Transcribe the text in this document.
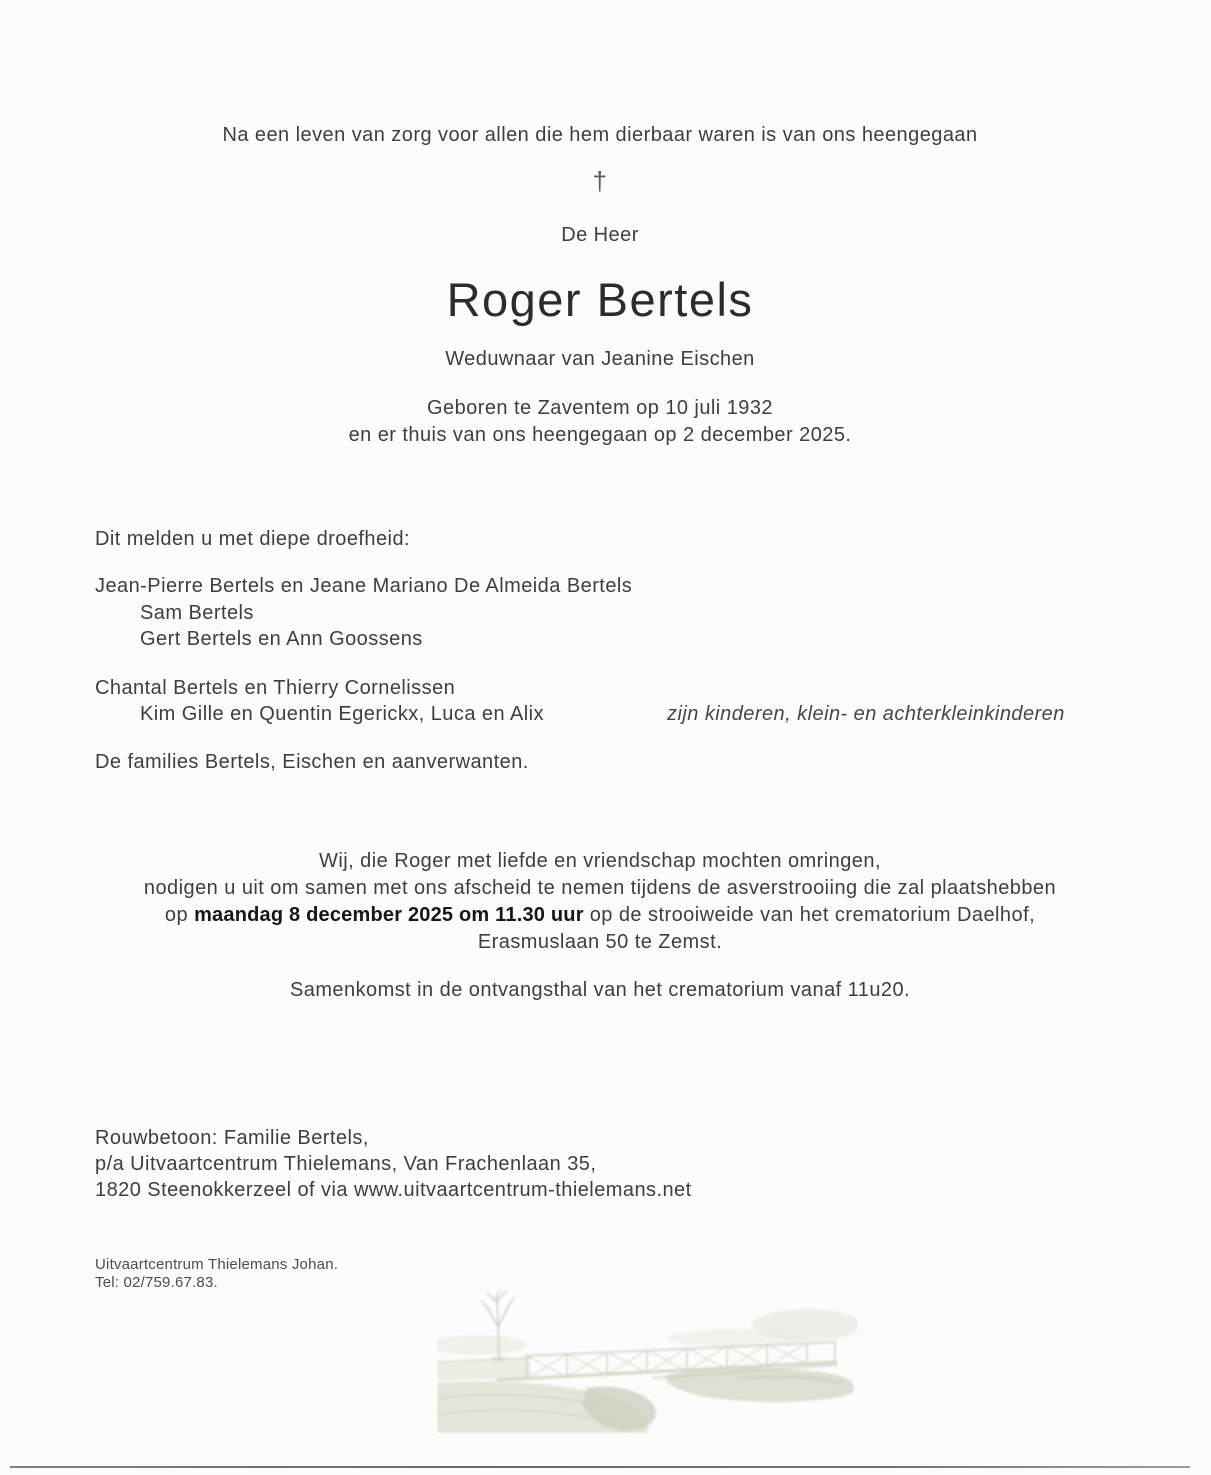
Na een leven van zorg voor allen die hem dierbaar waren is van ons heengegaan
†
De Heer
Roger Bertels
Weduwnaar van Jeanine Eischen
Geboren te Zaventem op 10 juli 1932
en er thuis van ons heengegaan op 2 december 2025.
Dit melden u met diepe droefheid:
Jean-Pierre Bertels en Jeane Mariano De Almeida Bertels
Sam Bertels
Gert Bertels en Ann Goossens
Chantal Bertels en Thierry Cornelissen
Kim Gille en Quentin Egerickx, Luca en Alix	zijn kinderen, klein- en achterkleinkinderen
De families Bertels, Eischen en aanverwanten.
Wij, die Roger met liefde en vriendschap mochten omringen,
nodigen u uit om samen met ons afscheid te nemen tijdens de asverstrooiing die zal plaatshebben
op maandag 8 december 2025 om 11.30 uur op de strooiweide van het crematorium Daelhof,
Erasmuslaan 50 te Zemst.
Samenkomst in de ontvangsthal van het crematorium vanaf 11u20.
Rouwbetoon: Familie Bertels,
p/a Uitvaartcentrum Thielemans, Van Frachenlaan 35,
1820 Steenokkerzeel of via www.uitvaartcentrum-thielemans.net
Uitvaartcentrum Thielemans Johan.
Tel: 02/759.67.83.
